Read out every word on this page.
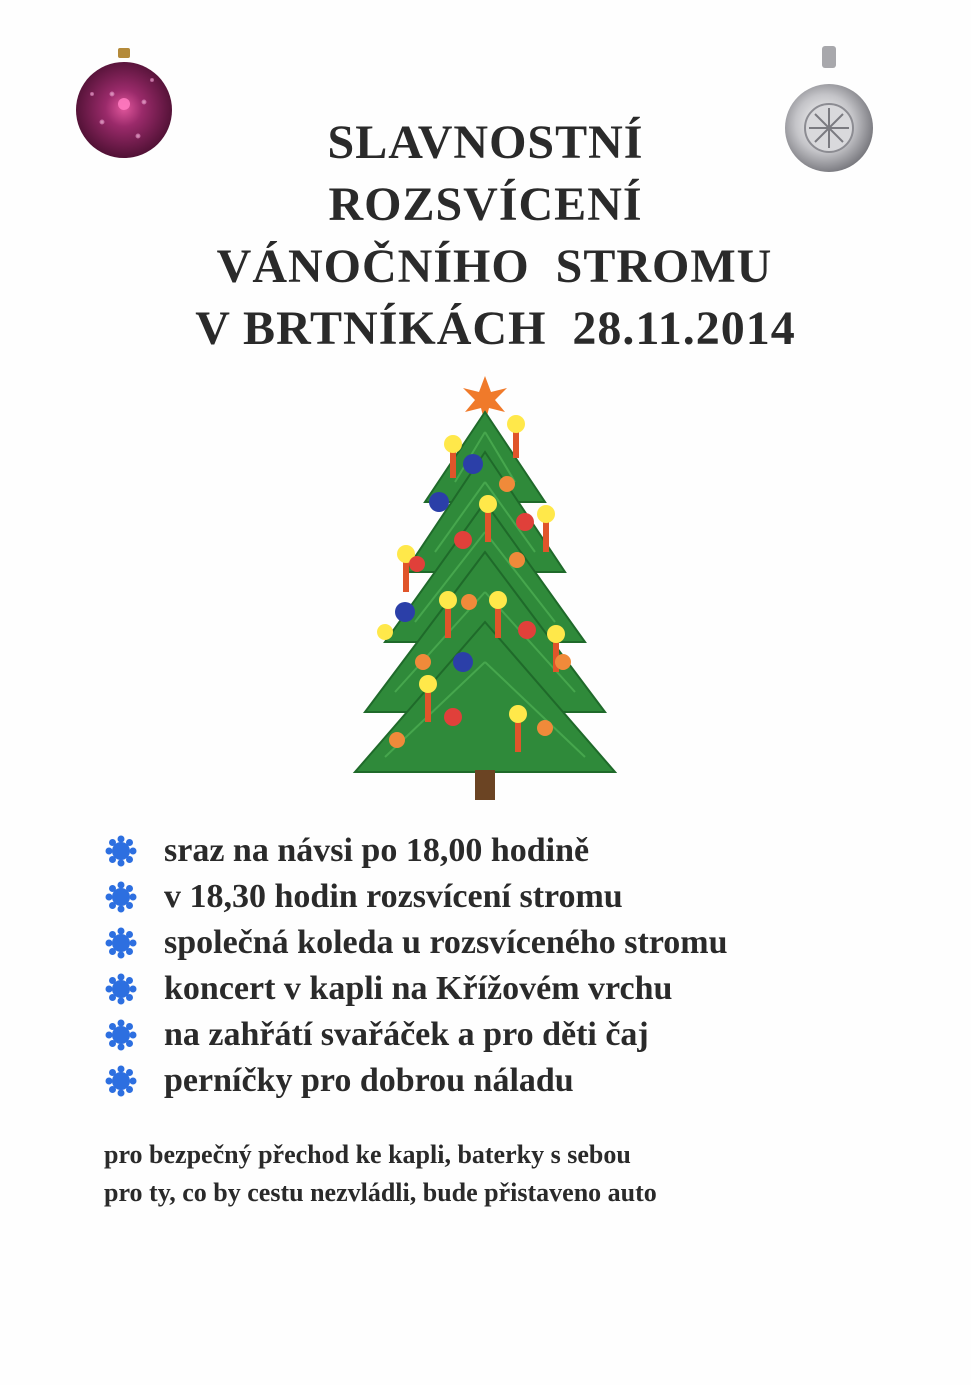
SLAVNOSTNÍ
ROZSVÍCENÍ
VÁNOČNÍHO  STROMU
V BRTNÍKÁCH  28.11.2014
sraz na návsi po 18,00 hodině
v 18,30 hodin rozsvícení stromu
společná koleda u rozsvíceného stromu
koncert v kapli na Křížovém vrchu
na zahřátí svařáček a pro děti čaj
perníčky pro dobrou náladu
pro bezpečný přechod ke kapli, baterky s sebou
pro ty, co by cestu nezvládli, bude přistaveno auto
